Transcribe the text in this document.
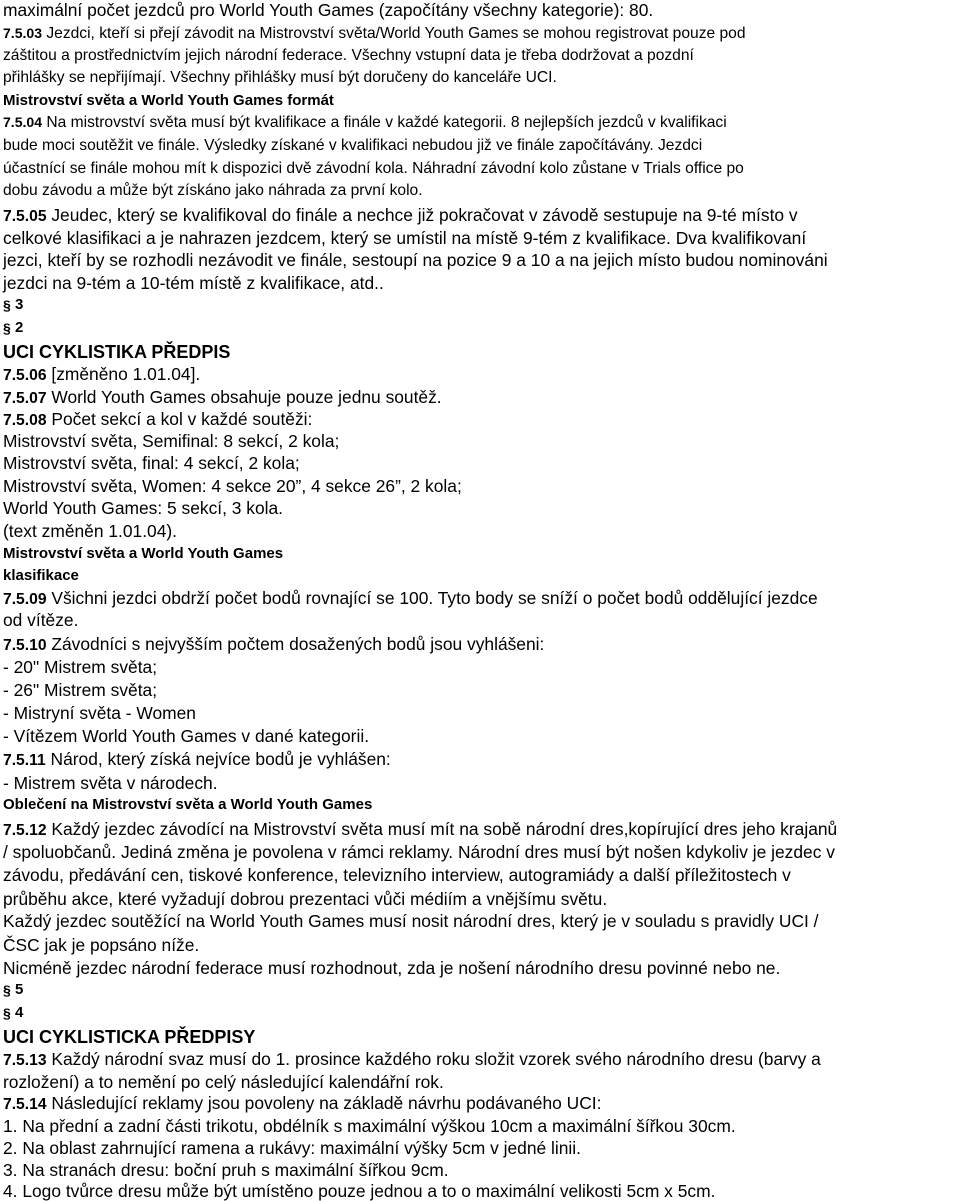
maximální počet jezdců pro World Youth Games (započítány všechny kategorie): 80.
7.5.03 Jezdci, kteří si přejí závodit na Mistrovství světa/World Youth Games se mohou registrovat pouze pod
záštitou a prostřednictvím jejich národní federace. Všechny vstupní data je třeba dodržovat a pozdní
přihlášky se nepřijímají. Všechny přihlášky musí být doručeny do kanceláře UCI.
Mistrovství světa a World Youth Games formát
7.5.04 Na mistrovství světa musí být kvalifikace a finále v každé kategorii. 8 nejlepších jezdců v kvalifikaci
bude moci soutěžit ve finále. Výsledky získané v kvalifikaci nebudou již ve finále započítávány. Jezdci
účastnící se finále mohou mít k dispozici dvě závodní kola. Náhradní závodní kolo zůstane v Trials office po
dobu závodu a může být získáno jako náhrada za první kolo.
7.5.05 Jeudec, který se kvalifikoval do finále a nechce již pokračovat v závodě sestupuje na 9-té místo v
celkové klasifikaci a je nahrazen jezdcem, který se umístil na místě 9-tém z kvalifikace. Dva kvalifikovaní
jezci, kteří by se rozhodli nezávodit ve finále, sestoupí na pozice 9 a 10 a na jejich místo budou nominováni
jezdci na 9-tém a 10-tém místě z kvalifikace, atd..
§ 3
§ 2
UCI CYKLISTIKA PŘEDPIS
7.5.06 [změněno 1.01.04].
7.5.07 World Youth Games obsahuje pouze jednu soutěž.
7.5.08 Počet sekcí a kol v každé soutěži:
Mistrovství světa, Semifinal: 8 sekcí, 2 kola;
Mistrovství světa, final: 4 sekcí, 2 kola;
Mistrovství světa, Women: 4 sekce 20”, 4 sekce 26”, 2 kola;
World Youth Games: 5 sekcí, 3 kola.
(text změněn 1.01.04).
Mistrovství světa a World Youth Games
klasifikace
7.5.09 Všichni jezdci obdrží počet bodů rovnající se 100. Tyto body se sníží o počet bodů oddělující jezdce
od vítěze.
7.5.10 Závodníci s nejvyšším počtem dosažených bodů jsou vyhlášeni:
- 20" Mistrem světa;
- 26" Mistrem světa;
- Mistryní světa - Women
- Vítězem World Youth Games v dané kategorii.
7.5.11 Národ, který získá nejvíce bodů je vyhlášen:
- Mistrem světa v národech.
Oblečení na Mistrovství světa a World Youth Games
7.5.12 Každý jezdec závodící na Mistrovství světa musí mít na sobě národní dres,kopírující dres jeho krajanů
/ spoluobčanů. Jediná změna je povolena v rámci reklamy. Národní dres musí být nošen kdykoliv je jezdec v
závodu, předávání cen, tiskové konference, televizního interview, autogramiády a další příležitostech v
průběhu akce, které vyžadují dobrou prezentaci vůči médiím a vnějšímu světu.
Každý jezdec soutěžící na World Youth Games musí nosit národní dres, který je v souladu s pravidly UCI /
ČSC jak je popsáno níže.
Nicméně jezdec národní federace musí rozhodnout, zda je nošení národního dresu povinné nebo ne.
§ 5
§ 4
UCI CYKLISTICKA PŘEDPISY
7.5.13 Každý národní svaz musí do 1. prosince každého roku složit vzorek svého národního dresu (barvy a
rozložení) a to nemění po celý následující kalendářní rok.
7.5.14 Následující reklamy jsou povoleny na základě návrhu podávaného UCI:
1. Na přední a zadní části trikotu, obdélník s maximální výškou 10cm a maximální šířkou 30cm.
2. Na oblast zahrnující ramena a rukávy: maximální výšky 5cm v jedné linii.
3. Na stranách dresu: boční pruh s maximální šířkou 9cm.
4. Logo tvůrce dresu může být umístěno pouze jednou a to o maximální velikosti 5cm x 5cm.
